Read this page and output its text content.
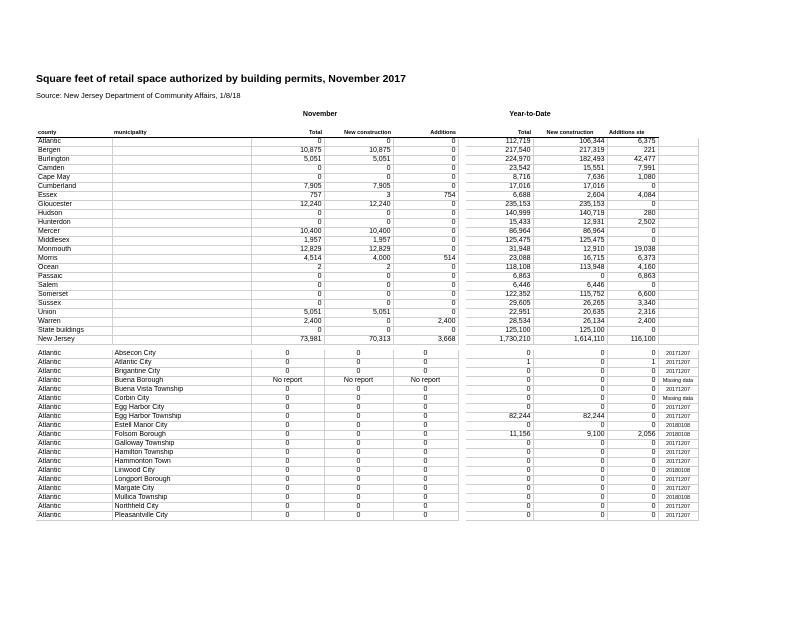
Square feet of retail space authorized by building permits, November 2017
Source: New Jersey Department of Community Affairs, 1/8/18
November	Year-to-Date
county	municipality	Total	New construction	Additions		Total	New construction	Additions ste	
Atlantic		0	0	0		112,719	106,344	6,375	
Bergen		10,875	10,875	0		217,540	217,319	221	
Burlington		5,051	5,051	0		224,970	182,493	42,477	
Camden		0	0	0		23,542	15,551	7,991	
Cape May		0	0	0		8,716	7,636	1,080	
Cumberland		7,905	7,905	0		17,016	17,016	0	
Essex		757	3	754		6,688	2,604	4,084	
Gloucester		12,240	12,240	0		235,153	235,153	0	
Hudson		0	0	0		140,999	140,719	280	
Hunterdon		0	0	0		15,433	12,931	2,502	
Mercer		10,400	10,400	0		86,964	86,964	0	
Middlesex		1,957	1,957	0		125,475	125,475	0	
Monmouth		12,829	12,829	0		31,948	12,910	19,038	
Morris		4,514	4,000	514		23,088	16,715	6,373	
Ocean		2	2	0		118,108	113,948	4,160	
Passaic		0	0	0		6,863	0	6,863	
Salem		0	0	0		6,446	6,446	0	
Somerset		0	0	0		122,352	115,752	6,600	
Sussex		0	0	0		29,605	26,265	3,340	
Union		5,051	5,051	0		22,951	20,635	2,316	
Warren		2,400	0	2,400		28,534	26,134	2,400	
State buildings		0	0	0		125,100	125,100	0	
New Jersey		73,981	70,313	3,668		1,730,210	1,614,110	116,100	

Atlantic	Absecon City	0	0	0		0	0	0	20171207
Atlantic	Atlantic City	0	0	0		1	0	1	20171207
Atlantic	Brigantine City	0	0	0		0	0	0	20171207
Atlantic	Buena Borough	No report	No report	No report		0	0	0	Missing data
Atlantic	Buena Vista Township	0	0	0		0	0	0	20171207
Atlantic	Corbin City	0	0	0		0	0	0	Missing data
Atlantic	Egg Harbor City	0	0	0		0	0	0	20171207
Atlantic	Egg Harbor Township	0	0	0		82,244	82,244	0	20171207
Atlantic	Estell Manor City	0	0	0		0	0	0	20180108
Atlantic	Folsom Borough	0	0	0		11,156	9,100	2,056	20180108
Atlantic	Galloway Township	0	0	0		0	0	0	20171207
Atlantic	Hamilton Township	0	0	0		0	0	0	20171207
Atlantic	Hammonton Town	0	0	0		0	0	0	20171207
Atlantic	Linwood City	0	0	0		0	0	0	20180108
Atlantic	Longport Borough	0	0	0		0	0	0	20171207
Atlantic	Margate City	0	0	0		0	0	0	20171207
Atlantic	Mullica Township	0	0	0		0	0	0	20180108
Atlantic	Northfield City	0	0	0		0	0	0	20171207
Atlantic	Pleasantville City	0	0	0		0	0	0	20171207
